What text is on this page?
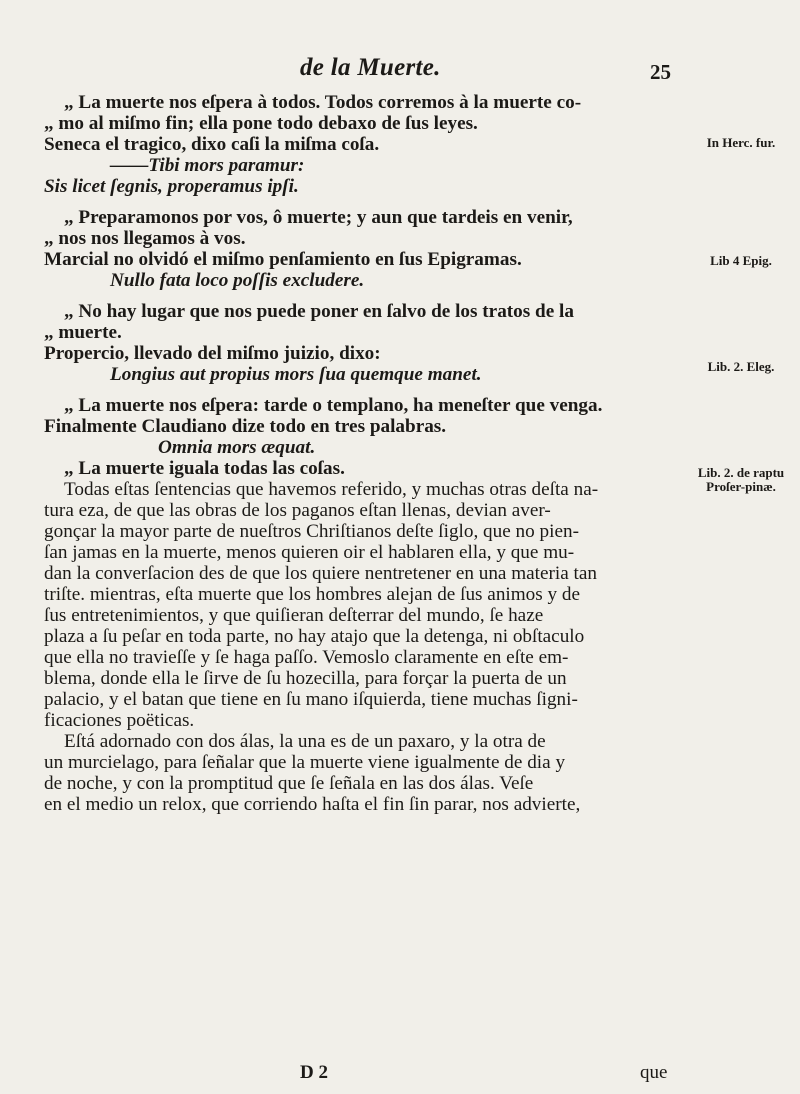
de la Muerte.	25
„ La muerte nos eſpera à todos. Todos corremos à la muerte co-
„ mo al miſmo fin; ella pone todo debaxo de ſus leyes.
Seneca el tragico, dixo caſi la miſma coſa.
——Tibi mors paramur:
Sis licet ſegnis, properamus ipſi.
„ Preparamonos por vos, ô muerte; y aun que tardeis en venir,
„ nos nos llegamos à vos.
Marcial no olvidó el miſmo penſamiento en ſus Epigramas.
Nullo fata loco poſſis excludere.
„ No hay lugar que nos puede poner en ſalvo de los tratos de la
„ muerte.
Propercio, llevado del miſmo juizio, dixo:
Longius aut propius mors ſua quemque manet.
„ La muerte nos eſpera: tarde o templano, ha meneſter que venga.
Finalmente Claudiano dize todo en tres palabras.
Omnia mors æquat.
„ La muerte iguala todas las coſas.
Todas eſtas ſentencias que havemos referido, y muchas otras deſta na-
tura eza, de que las obras de los paganos eſtan llenas, devian aver-
gonçar la mayor parte de nueſtros Chriſtianos deſte ſiglo, que no pien-
ſan jamas en la muerte, menos quieren oir el hablaren ella, y que mu-
dan la converſacion des de que los quiere nentretener en una materia tan
triſte. mientras, eſta muerte que los hombres alejan de ſus animos y de
ſus entretenimientos, y que quiſieran deſterrar del mundo, ſe haze
plaza a ſu peſar en toda parte, no hay atajo que la detenga, ni obſtaculo
que ella no travieſſe y ſe haga paſſo. Vemoslo claramente en eſte em-
blema, donde ella le ſirve de ſu hozecilla, para forçar la puerta de un
palacio, y el batan que tiene en ſu mano iſquierda, tiene muchas ſigni-
ficaciones poëticas.
Eſtá adornado con dos álas, la una es de un paxaro, y la otra de
un murcielago, para ſeñalar que la muerte viene igualmente de dia y
de noche, y con la promptitud que ſe ſeñala en las dos álas. Veſe
en el medio un relox, que corriendo haſta el fin ſin parar, nos advierte,
In Herc. fur.
Lib 4 Epig.
Lib. 2. Eleg.
Lib. 2. de raptu Proſer-pinæ.
D 2	que
